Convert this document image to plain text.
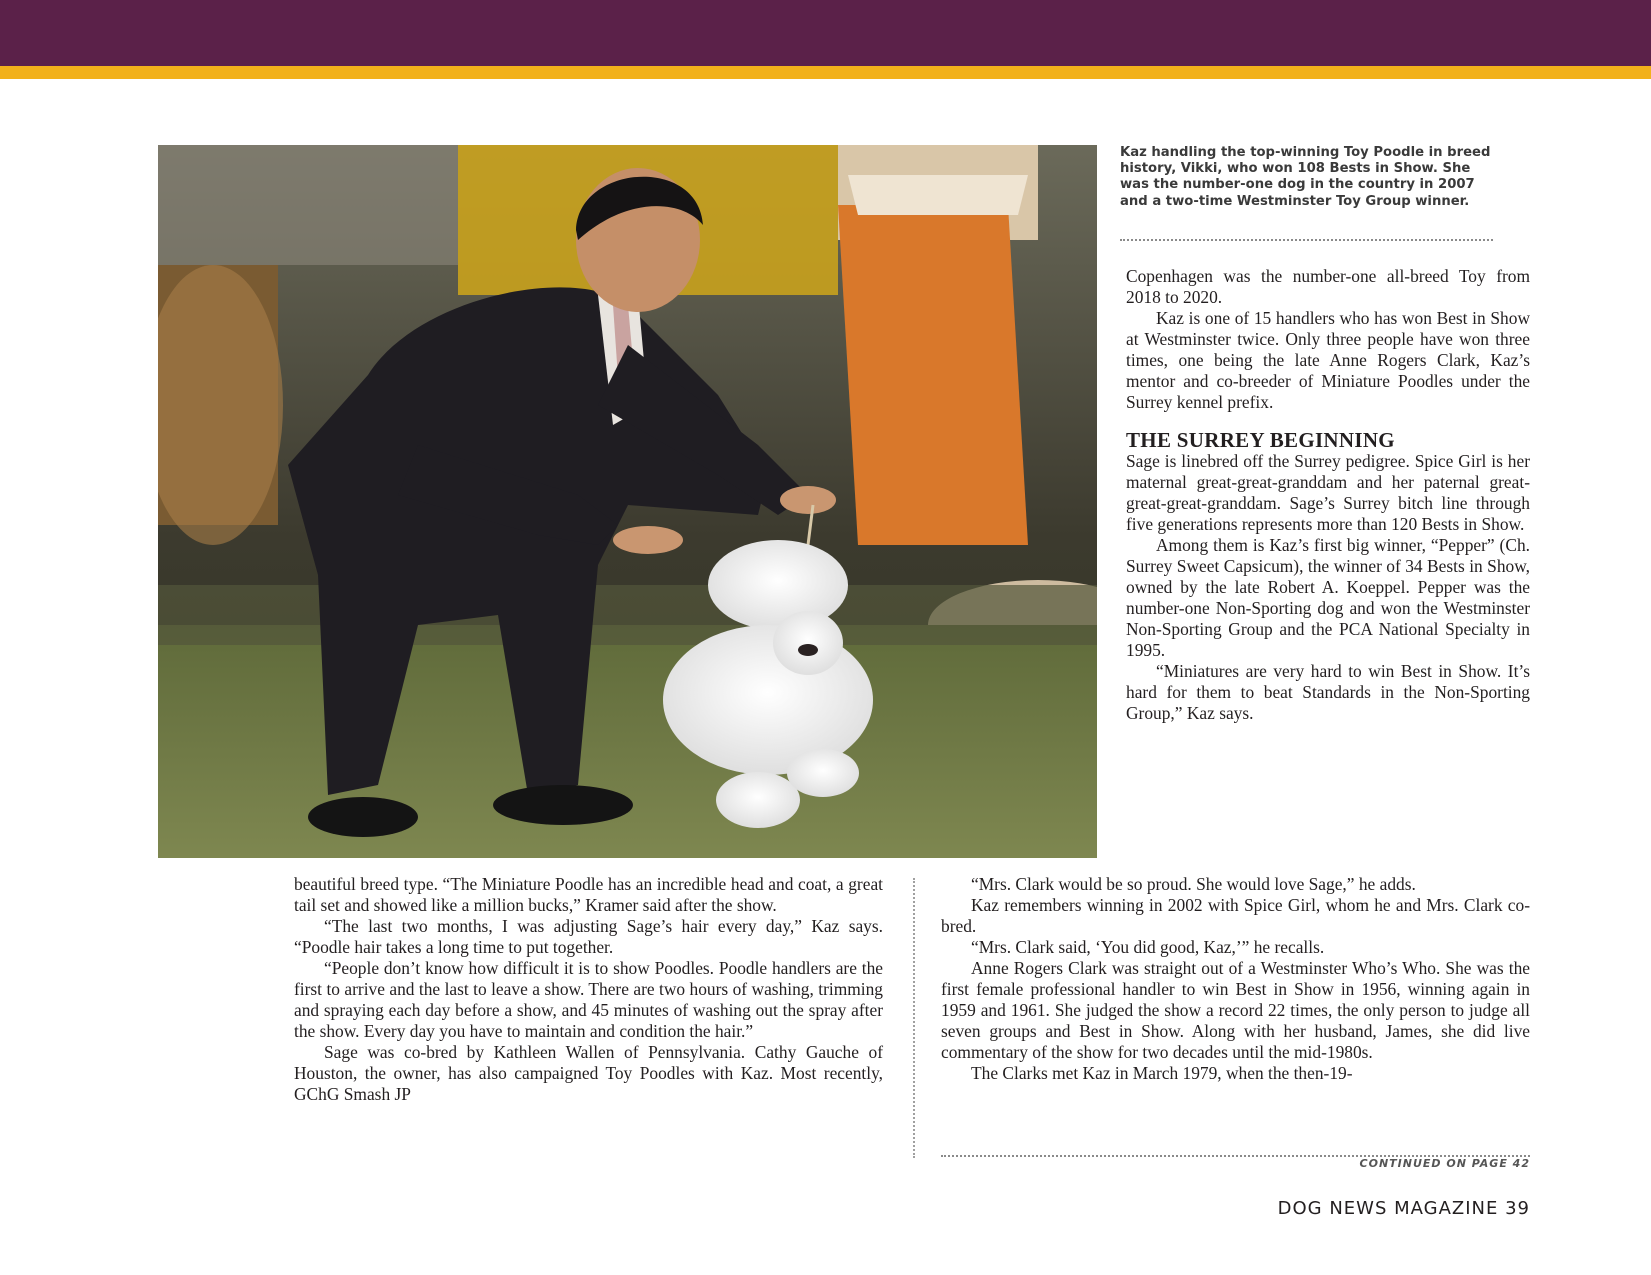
Kaz handling the top-winning Toy Poodle in breed history, Vikki, who won 108 Bests in Show. She was the number-one dog in the country in 2007 and a two-time Westminster Toy Group winner.

Copenhagen was the number-one all-breed Toy from 2018 to 2020.

Kaz is one of 15 handlers who has won Best in Show at Westminster twice. Only three people have won three times, one being the late Anne Rogers Clark, Kaz’s mentor and co-breeder of Miniature Poodles under the Surrey kennel prefix.

THE SURREY BEGINNING

Sage is linebred off the Surrey pedigree. Spice Girl is her maternal great-great-granddam and her paternal great-great-great-granddam. Sage’s Surrey bitch line through five generations represents more than 120 Bests in Show.

Among them is Kaz’s first big winner, “Pepper” (Ch. Surrey Sweet Capsicum), the winner of 34 Bests in Show, owned by the late Robert A. Koeppel. Pepper was the number-one Non-Sporting dog and won the Westminster Non-Sporting Group and the PCA National Specialty in 1995.

“Miniatures are very hard to win Best in Show. It’s hard for them to beat Standards in the Non-Sporting Group,” Kaz says.

beautiful breed type. “The Miniature Poodle has an incredible head and coat, a great tail set and showed like a million bucks,” Kramer said after the show.

“The last two months, I was adjusting Sage’s hair every day,” Kaz says. “Poodle hair takes a long time to put together.

“People don’t know how difficult it is to show Poodles. Poodle handlers are the first to arrive and the last to leave a show. There are two hours of washing, trimming and spraying each day before a show, and 45 minutes of washing out the spray after the show. Every day you have to maintain and condition the hair.”

Sage was co-bred by Kathleen Wallen of Pennsylvania. Cathy Gauche of Houston, the owner, has also campaigned Toy Poodles with Kaz. Most recently, GChG Smash JP

“Mrs. Clark would be so proud. She would love Sage,” he adds.

Kaz remembers winning in 2002 with Spice Girl, whom he and Mrs. Clark co-bred.

“Mrs. Clark said, ‘You did good, Kaz,’” he recalls.

Anne Rogers Clark was straight out of a Westminster Who’s Who. She was the first female professional handler to win Best in Show in 1956, winning again in 1959 and 1961. She judged the show a record 22 times, the only person to judge all seven groups and Best in Show. Along with her husband, James, she did live commentary of the show for two decades until the mid-1980s.

The Clarks met Kaz in March 1979, when the then-19-

CONTINUED ON PAGE 42

DOG NEWS MAGAZINE 39
